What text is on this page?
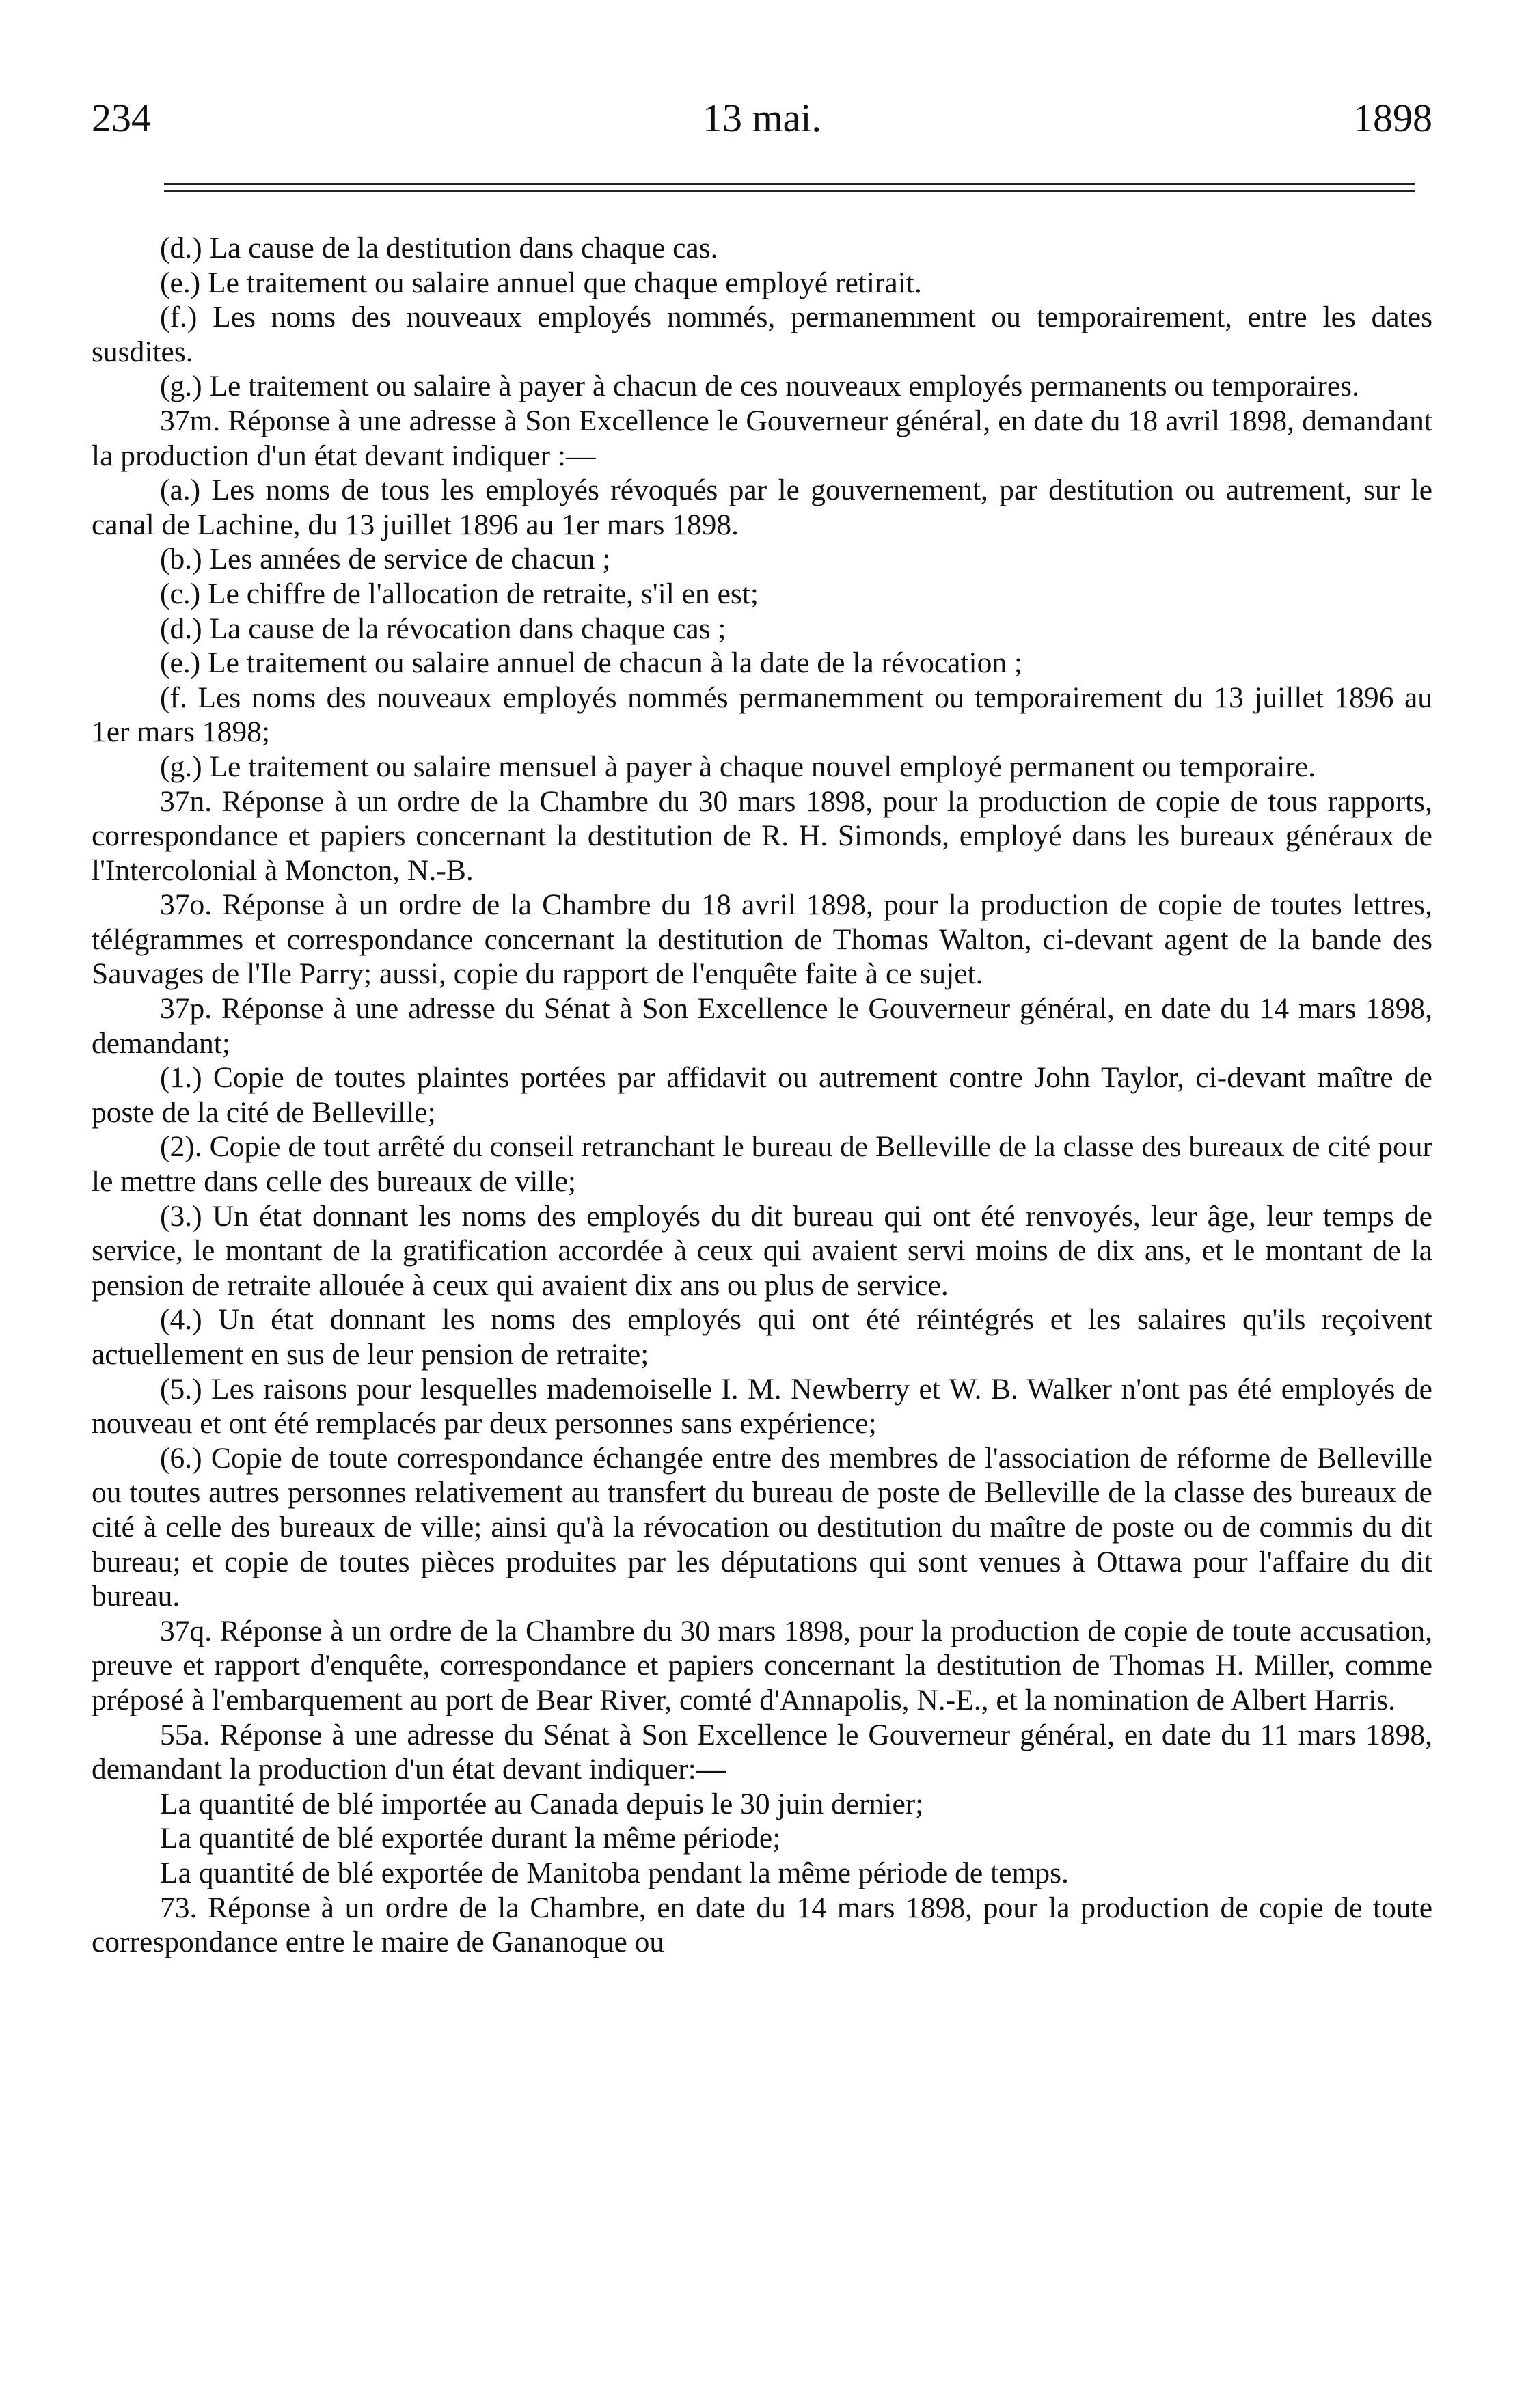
234	13 mai.	1898

(d.) La cause de la destitution dans chaque cas.

(e.) Le traitement ou salaire annuel que chaque employé retirait.

(f.) Les noms des nouveaux employés nommés, permanemment ou temporairement, entre les dates susdites.

(g.) Le traitement ou salaire à payer à chacun de ces nouveaux employés permanents ou temporaires.

37m. Réponse à une adresse à Son Excellence le Gouverneur général, en date du 18 avril 1898, demandant la production d'un état devant indiquer :—

(a.) Les noms de tous les employés révoqués par le gouvernement, par destitution ou autrement, sur le canal de Lachine, du 13 juillet 1896 au 1er mars 1898.

(b.) Les années de service de chacun ;

(c.) Le chiffre de l'allocation de retraite, s'il en est;

(d.) La cause de la révocation dans chaque cas ;

(e.) Le traitement ou salaire annuel de chacun à la date de la révocation ;

(f. Les noms des nouveaux employés nommés permanemment ou temporairement du 13 juillet 1896 au 1er mars 1898;

(g.) Le traitement ou salaire mensuel à payer à chaque nouvel employé permanent ou temporaire.

37n. Réponse à un ordre de la Chambre du 30 mars 1898, pour la production de copie de tous rapports, correspondance et papiers concernant la destitution de R. H. Simonds, employé dans les bureaux généraux de l'Intercolonial à Moncton, N.-B.

37o. Réponse à un ordre de la Chambre du 18 avril 1898, pour la production de copie de toutes lettres, télégrammes et correspondance concernant la destitution de Thomas Walton, ci-devant agent de la bande des Sauvages de l'Ile Parry; aussi, copie du rapport de l'enquête faite à ce sujet.

37p. Réponse à une adresse du Sénat à Son Excellence le Gouverneur général, en date du 14 mars 1898, demandant;

(1.) Copie de toutes plaintes portées par affidavit ou autrement contre John Taylor, ci-devant maître de poste de la cité de Belleville;

(2). Copie de tout arrêté du conseil retranchant le bureau de Belleville de la classe des bureaux de cité pour le mettre dans celle des bureaux de ville;

(3.) Un état donnant les noms des employés du dit bureau qui ont été renvoyés, leur âge, leur temps de service, le montant de la gratification accordée à ceux qui avaient servi moins de dix ans, et le montant de la pension de retraite allouée à ceux qui avaient dix ans ou plus de service.

(4.) Un état donnant les noms des employés qui ont été réintégrés et les salaires qu'ils reçoivent actuellement en sus de leur pension de retraite;

(5.) Les raisons pour lesquelles mademoiselle I. M. Newberry et W. B. Walker n'ont pas été employés de nouveau et ont été remplacés par deux personnes sans expérience;

(6.) Copie de toute correspondance échangée entre des membres de l'association de réforme de Belleville ou toutes autres personnes relativement au transfert du bureau de poste de Belleville de la classe des bureaux de cité à celle des bureaux de ville; ainsi qu'à la révocation ou destitution du maître de poste ou de commis du dit bureau; et copie de toutes pièces produites par les députations qui sont venues à Ottawa pour l'affaire du dit bureau.

37q. Réponse à un ordre de la Chambre du 30 mars 1898, pour la production de copie de toute accusation, preuve et rapport d'enquête, correspondance et papiers concernant la destitution de Thomas H. Miller, comme préposé à l'embarquement au port de Bear River, comté d'Annapolis, N.-E., et la nomination de Albert Harris.

55a. Réponse à une adresse du Sénat à Son Excellence le Gouverneur général, en date du 11 mars 1898, demandant la production d'un état devant indiquer:—

La quantité de blé importée au Canada depuis le 30 juin dernier;

La quantité de blé exportée durant la même période;

La quantité de blé exportée de Manitoba pendant la même période de temps.

73. Réponse à un ordre de la Chambre, en date du 14 mars 1898, pour la production de copie de toute correspondance entre le maire de Gananoque ou
